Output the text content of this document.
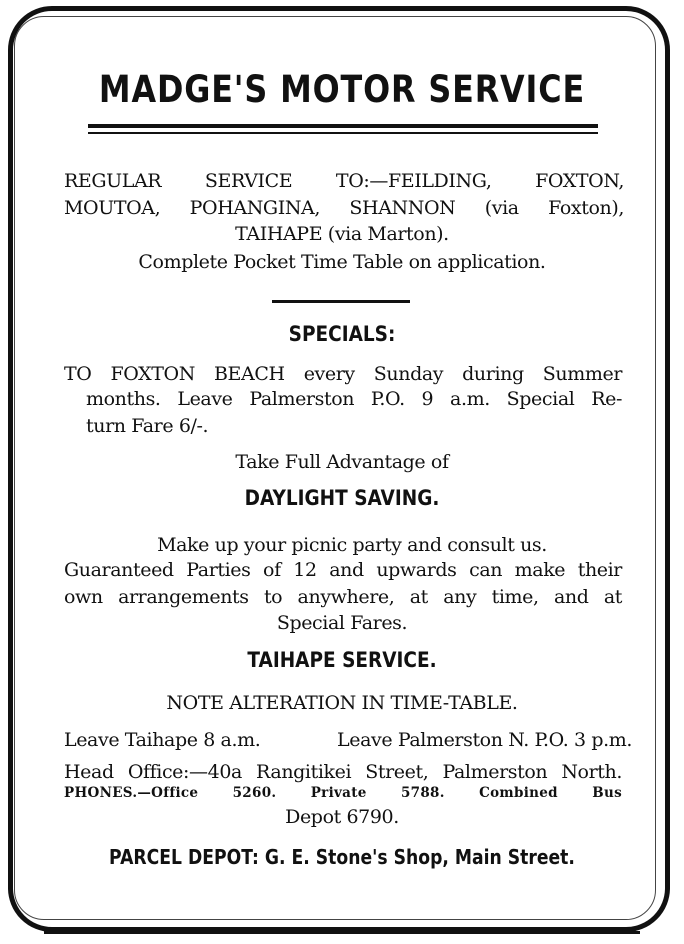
MADGE'S MOTOR SERVICE
REGULAR SERVICE TO:—FEILDING, FOXTON,
MOUTOA, POHANGINA, SHANNON (via Foxton),
TAIHAPE (via Marton).
Complete Pocket Time Table on application.
SPECIALS:
TO FOXTON BEACH every Sunday during Summer
months. Leave Palmerston P.O. 9 a.m. Special Re-
turn Fare 6/-.
Take Full Advantage of
DAYLIGHT SAVING.
Make up your picnic party and consult us.
Guaranteed Parties of 12 and upwards can make their
own arrangements to anywhere, at any time, and at
Special Fares.
TAIHAPE SERVICE.
NOTE ALTERATION IN TIME-TABLE.
Leave Taihape 8 a.m.	Leave Palmerston N. P.O. 3 p.m.
Head Office:—40a Rangitikei Street, Palmerston North.
PHONES.—Office 5260. Private 5788. Combined Bus
Depot 6790.
PARCEL DEPOT: G. E. Stone's Shop, Main Street.
